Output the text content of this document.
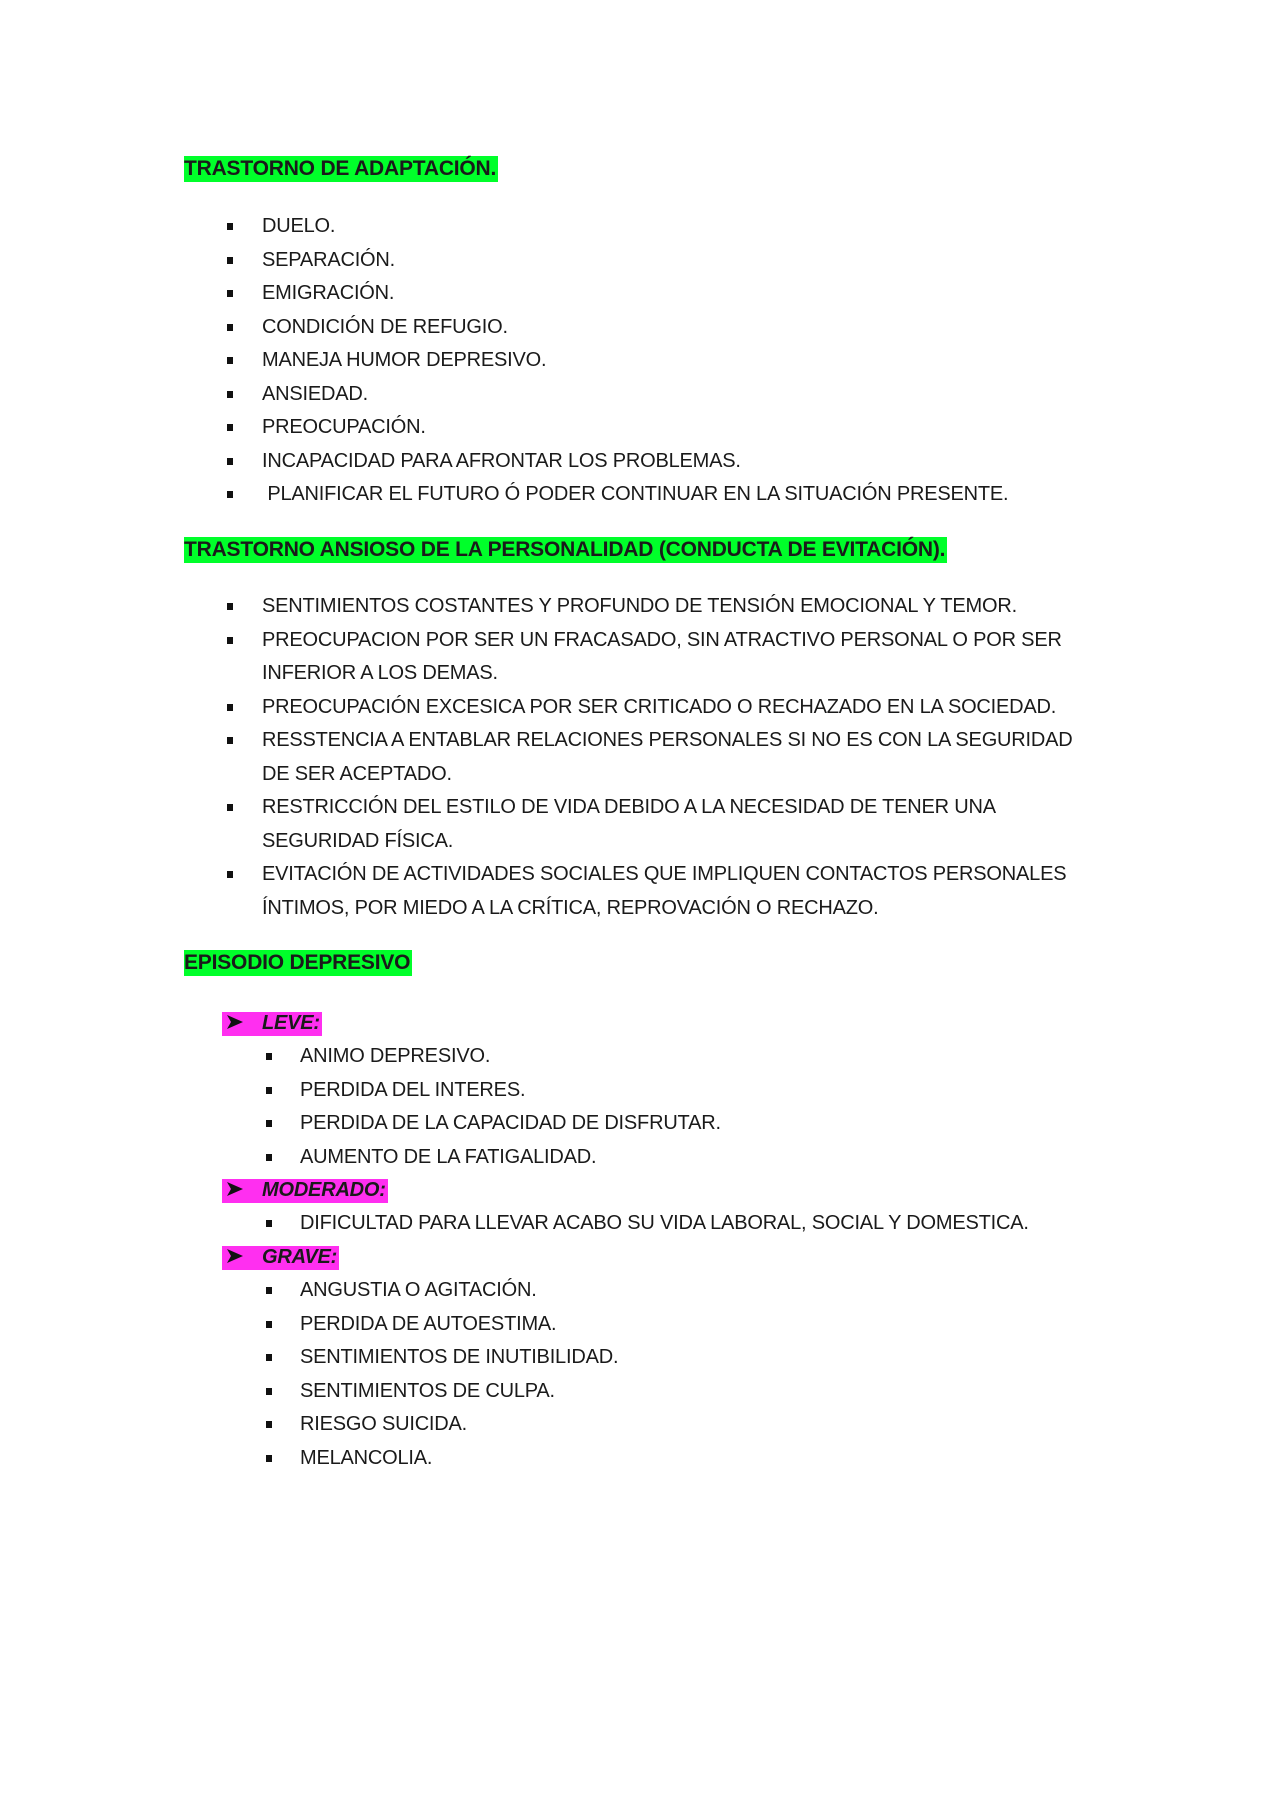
TRASTORNO DE ADAPTACIÓN.
DUELO.
SEPARACIÓN.
EMIGRACIÓN.
CONDICIÓN DE REFUGIO.
MANEJA HUMOR DEPRESIVO.
ANSIEDAD.
PREOCUPACIÓN.
INCAPACIDAD PARA AFRONTAR LOS PROBLEMAS.
PLANIFICAR EL FUTURO Ó PODER CONTINUAR EN LA SITUACIÓN PRESENTE.
TRASTORNO ANSIOSO DE LA PERSONALIDAD (CONDUCTA DE EVITACIÓN).
SENTIMIENTOS COSTANTES Y PROFUNDO DE TENSIÓN EMOCIONAL Y TEMOR.
PREOCUPACION POR SER UN FRACASADO, SIN ATRACTIVO PERSONAL O POR SER INFERIOR A LOS DEMAS.
PREOCUPACIÓN EXCESICA POR SER CRITICADO O RECHAZADO EN LA SOCIEDAD.
RESSTENCIA A ENTABLAR RELACIONES PERSONALES SI NO ES CON LA SEGURIDAD DE SER ACEPTADO.
RESTRICCIÓN DEL ESTILO DE VIDA DEBIDO A LA NECESIDAD DE TENER UNA SEGURIDAD FÍSICA.
EVITACIÓN DE ACTIVIDADES SOCIALES QUE IMPLIQUEN CONTACTOS PERSONALES ÍNTIMOS, POR MIEDO A LA CRÍTICA, REPROVACIÓN O RECHAZO.
EPISODIO DEPRESIVO
LEVE:
ANIMO DEPRESIVO.
PERDIDA DEL INTERES.
PERDIDA DE LA CAPACIDAD DE DISFRUTAR.
AUMENTO DE LA FATIGALIDAD.
MODERADO:
DIFICULTAD PARA LLEVAR ACABO SU VIDA LABORAL, SOCIAL Y DOMESTICA.
GRAVE:
ANGUSTIA O AGITACIÓN.
PERDIDA DE AUTOESTIMA.
SENTIMIENTOS DE INUTIBILIDAD.
SENTIMIENTOS DE CULPA.
RIESGO SUICIDA.
MELANCOLIA.
